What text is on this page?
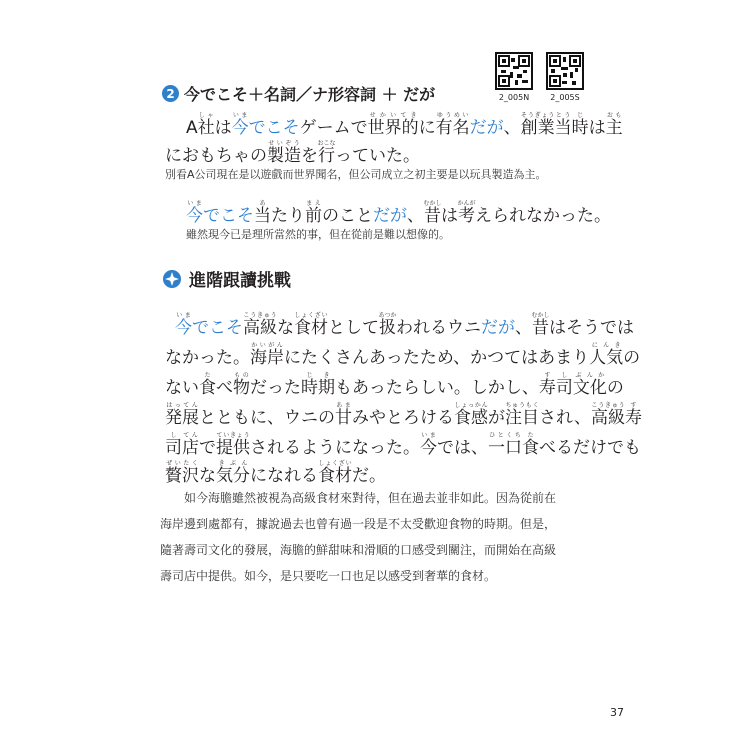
2_005N	2_005S
2 今でこそ＋名詞／ナ形容詞 ＋ だが
A社しゃは今いまでこそゲームで世界的せかいてきに有名ゆうめいだが、創業そうぎょう当とう時じは主おも
におもちゃの製造せいぞうを行おこなっていた。
別看A公司現在是以遊戲而世界聞名，但公司成立之初主要是以玩具製造為主。
今いまでこそ当あたり前まえのことだが、昔むかしは考かんがえられなかった。
雖然現今已是理所當然的事，但在從前是難以想像的。
進階跟讀挑戰
今いまでこそ高級こうきゅうな食材しょくざいとして扱あつかわれるウニだが、昔むかしはそうでは
なかった。海岸かいがんにたくさんあったため、かつてはあまり人気にんきの
ない食たべ物ものだった時期じきもあったらしい。しかし、寿司すし文化ぶんかの
発展はってんとともに、ウニの甘あまみやとろける食感しょっかんが注目ちゅうもくされ、高級こうきゅう寿す
司し店てんで提供ていきょうされるようになった。今いまでは、一口ひとくち食たべるだけでも
贅沢ぜいたくな気分きぶんになれる食材しょくざいだ。
　　如今海膽雖然被視為高級食材來對待，但在過去並非如此。因為從前在
海岸邊到處都有，據說過去也曾有過一段是不太受歡迎食物的時期。但是，
隨著壽司文化的發展，海膽的鮮甜味和滑順的口感受到關注，而開始在高級
壽司店中提供。如今，是只要吃一口也足以感受到奢華的食材。
37
